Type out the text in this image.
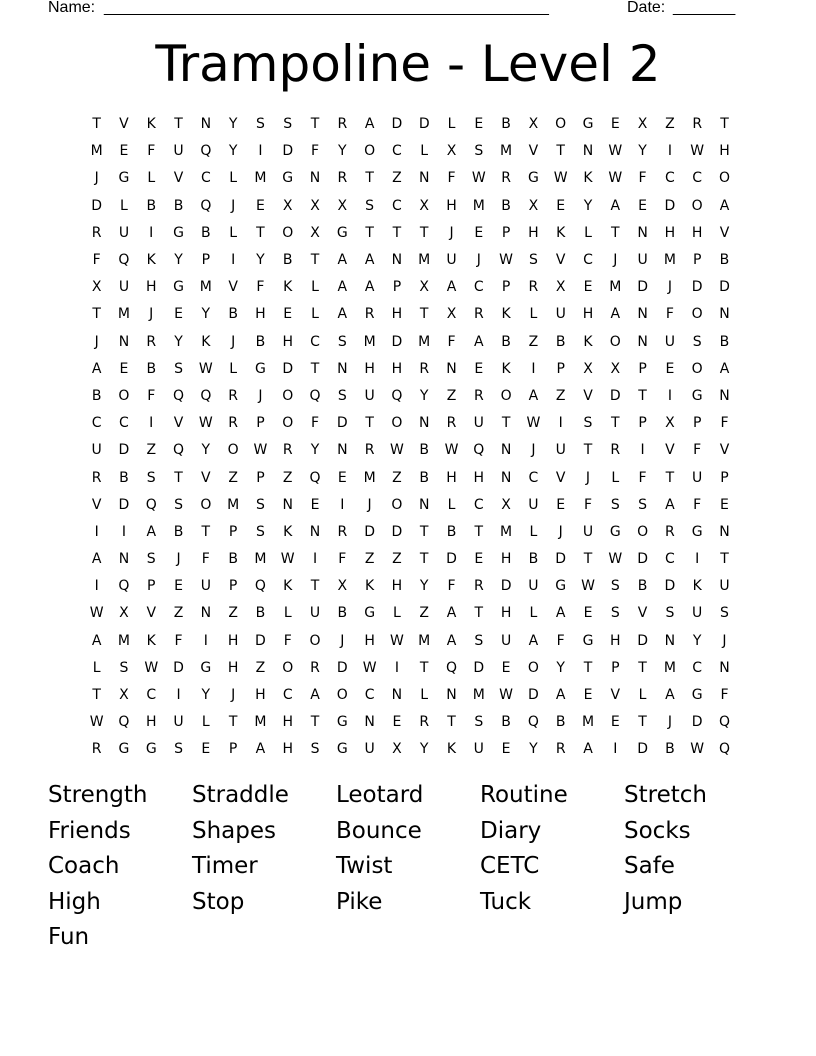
Name: __________________________________________________	Date: _______
Trampoline - Level 2
T	V	K	T	N	Y	S	S	T	R	A	D	D	L	E	B	X	O	G	E	X	Z	R	T
M	E	F	U	Q	Y	I	D	F	Y	O	C	L	X	S	M	V	T	N	W	Y	I	W	H
J	G	L	V	C	L	M	G	N	R	T	Z	N	F	W	R	G	W	K	W	F	C	C	O
D	L	B	B	Q	J	E	X	X	X	S	C	X	H	M	B	X	E	Y	A	E	D	O	A
R	U	I	G	B	L	T	O	X	G	T	T	T	J	E	P	H	K	L	T	N	H	H	V
F	Q	K	Y	P	I	Y	B	T	A	A	N	M	U	J	W	S	V	C	J	U	M	P	B
X	U	H	G	M	V	F	K	L	A	A	P	X	A	C	P	R	X	E	M	D	J	D	D
T	M	J	E	Y	B	H	E	L	A	R	H	T	X	R	K	L	U	H	A	N	F	O	N
J	N	R	Y	K	J	B	H	C	S	M	D	M	F	A	B	Z	B	K	O	N	U	S	B
A	E	B	S	W	L	G	D	T	N	H	H	R	N	E	K	I	P	X	X	P	E	O	A
B	O	F	Q	Q	R	J	O	Q	S	U	Q	Y	Z	R	O	A	Z	V	D	T	I	G	N
C	C	I	V	W	R	P	O	F	D	T	O	N	R	U	T	W	I	S	T	P	X	P	F
U	D	Z	Q	Y	O	W	R	Y	N	R	W	B	W	Q	N	J	U	T	R	I	V	F	V
R	B	S	T	V	Z	P	Z	Q	E	M	Z	B	H	H	N	C	V	J	L	F	T	U	P
V	D	Q	S	O	M	S	N	E	I	J	O	N	L	C	X	U	E	F	S	S	A	F	E
I	I	A	B	T	P	S	K	N	R	D	D	T	B	T	M	L	J	U	G	O	R	G	N
A	N	S	J	F	B	M	W	I	F	Z	Z	T	D	E	H	B	D	T	W	D	C	I	T
I	Q	P	E	U	P	Q	K	T	X	K	H	Y	F	R	D	U	G	W	S	B	D	K	U
W	X	V	Z	N	Z	B	L	U	B	G	L	Z	A	T	H	L	A	E	S	V	S	U	S
A	M	K	F	I	H	D	F	O	J	H	W	M	A	S	U	A	F	G	H	D	N	Y	J
L	S	W	D	G	H	Z	O	R	D	W	I	T	Q	D	E	O	Y	T	P	T	M	C	N
T	X	C	I	Y	J	H	C	A	O	C	N	L	N	M	W	D	A	E	V	L	A	G	F
W	Q	H	U	L	T	M	H	T	G	N	E	R	T	S	B	Q	B	M	E	T	J	D	Q
R	G	G	S	E	P	A	H	S	G	U	X	Y	K	U	E	Y	R	A	I	D	B	W	Q
Strength	Straddle	Leotard	Routine	Stretch
Friends	Shapes	Bounce	Diary	Socks
Coach	Timer	Twist	CETC	Safe
High	Stop	Pike	Tuck	Jump
Fun
